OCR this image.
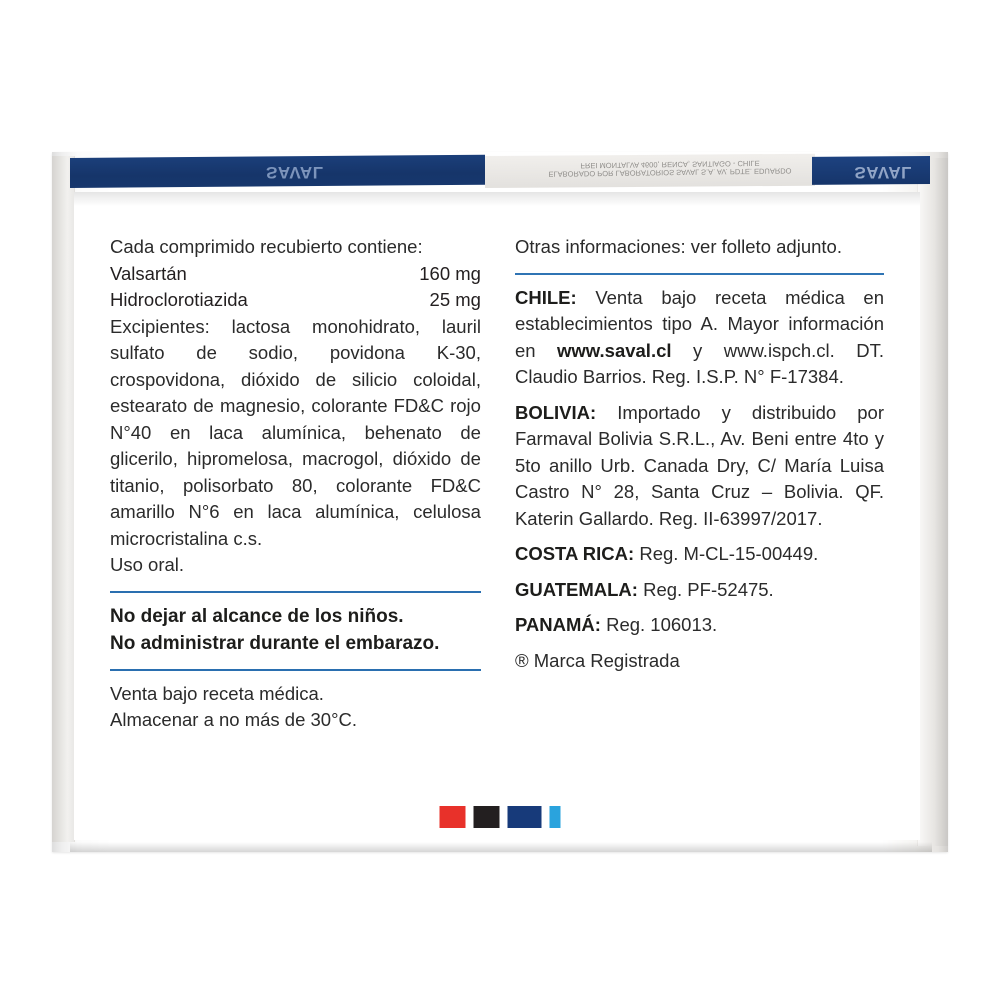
SAVAL	SAVAL
ELABORADO POR LABORATORIOS SAVAL S.A. AV. PDTE. EDUARDO FREI MONTALVA 4600, RENCA, SANTIAGO - CHILE

Cada comprimido recubierto contiene:

Valsartán	160 mg
Hidroclorotiazida	25 mg

Excipientes: lactosa monohidrato, lauril sulfato de sodio, povidona K-30, crospovidona, dióxido de silicio coloidal, estearato de magnesio, colorante FD&C rojo N°40 en laca alumínica, behenato de glicerilo, hipromelosa, macrogol, dióxido de titanio, polisorbato 80, colorante FD&C amarillo N°6 en laca alumínica, celulosa microcristalina c.s.

Uso oral.

No dejar al alcance de los niños.
No administrar durante el embarazo.

Venta bajo receta médica.

Almacenar a no más de 30°C.

Otras informaciones: ver folleto adjunto.

CHILE: Venta bajo receta médica en establecimientos tipo A. Mayor información en www.saval.cl y www.ispch.cl. DT. Claudio Barrios. Reg. I.S.P. N° F-17384.

BOLIVIA: Importado y distribuido por Farmaval Bolivia S.R.L., Av. Beni entre 4to y 5to anillo Urb. Canada Dry, C/ María Luisa Castro N° 28, Santa Cruz – Bolivia. QF. Katerin Gallardo. Reg. II-63997/2017.

COSTA RICA: Reg. M-CL-15-00449.

GUATEMALA: Reg. PF-52475.

PANAMÁ: Reg. 106013.

® Marca Registrada
